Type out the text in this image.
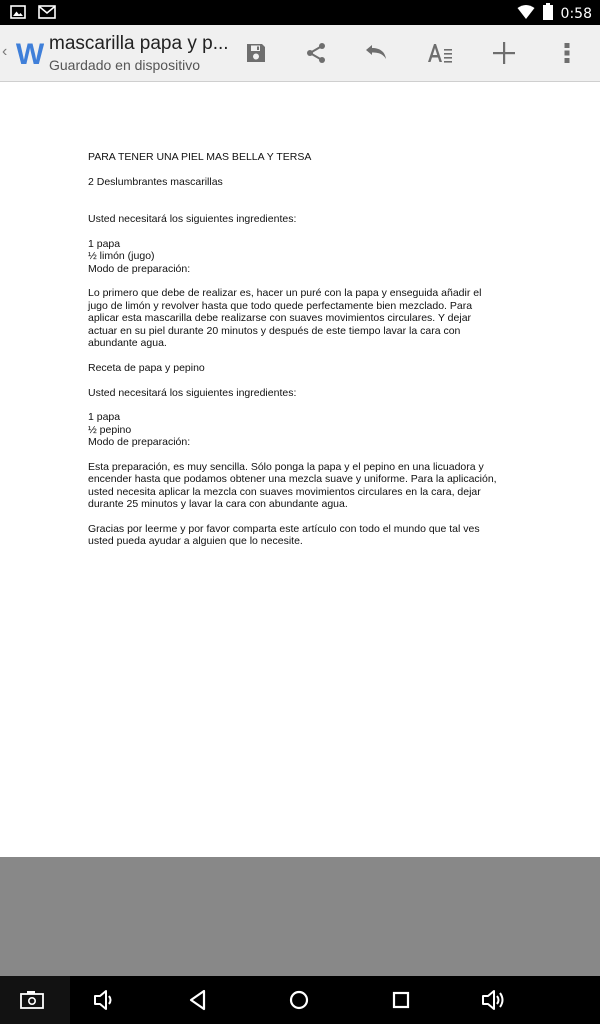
0:58
‹ W mascarilla papa y p...
Guardado en dispositivo

PARA TENER UNA PIEL MAS BELLA Y TERSA

2 Deslumbrantes mascarillas

Usted necesitará los siguientes ingredientes:

1 papa

½ limón (jugo)

Modo de preparación:

Lo primero que debe de realizar es, hacer un puré con la papa y enseguida añadir el

jugo de limón y revolver hasta que todo quede perfectamente bien mezclado. Para

aplicar esta mascarilla debe realizarse con suaves movimientos circulares. Y dejar

actuar en su piel durante 20 minutos y después de este tiempo lavar la cara con

abundante agua.

Receta de papa y pepino

Usted necesitará los siguientes ingredientes:

1 papa

½ pepino

Modo de preparación:

Esta preparación, es muy sencilla. Sólo ponga la papa y el pepino en una licuadora y

encender hasta que podamos obtener una mezcla suave y uniforme. Para la aplicación,

usted necesita aplicar la mezcla con suaves movimientos circulares en la cara, dejar

durante 25 minutos y lavar la cara con abundante agua.

Gracias por leerme y por favor comparta este artículo con todo el mundo que tal ves

usted pueda ayudar a alguien que lo necesite.
